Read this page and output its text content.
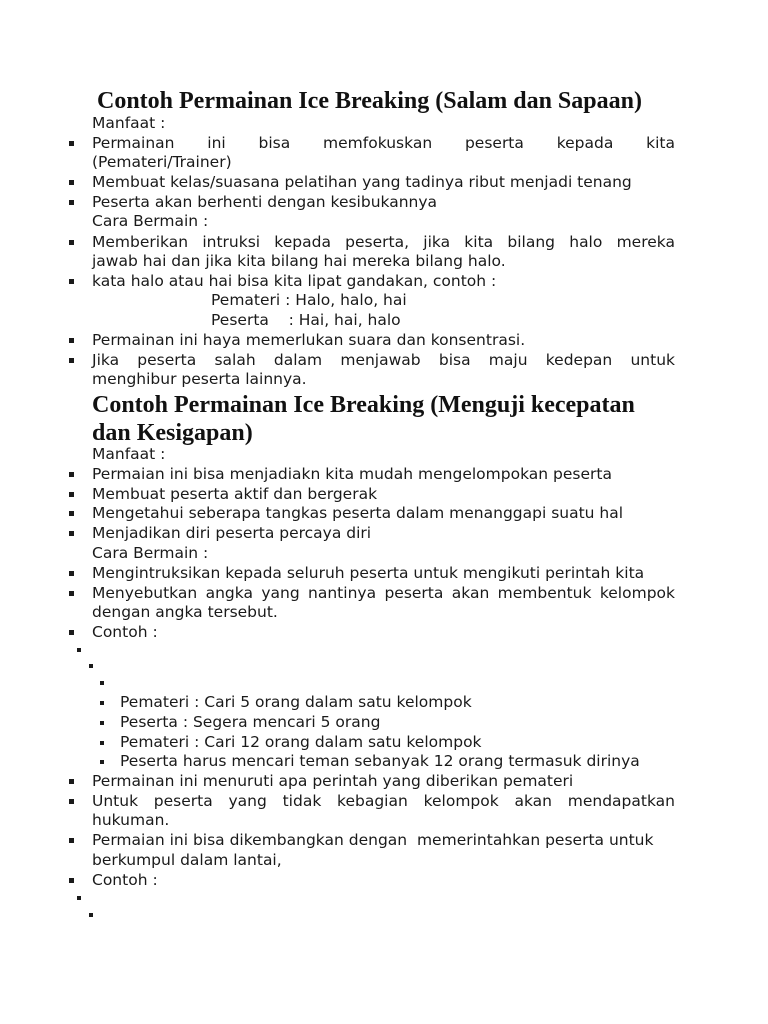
Contoh Permainan Ice Breaking (Salam dan Sapaan)

Manfaat :

Permainan ini bisa memfokuskan peserta kepada kita

(Pemateri/Trainer)

Membuat kelas/suasana pelatihan yang tadinya ribut menjadi tenang

Peserta akan berhenti dengan kesibukannya

Cara Bermain :

Memberikan intruksi kepada peserta, jika kita bilang halo mereka

jawab hai dan jika kita bilang hai mereka bilang halo.

kata halo atau hai bisa kita lipat gandakan, contoh :

Pemateri : Halo, halo, hai

Peserta    : Hai, hai, halo

Permainan ini haya memerlukan suara dan konsentrasi.

Jika peserta salah dalam menjawab bisa maju kedepan untuk

menghibur peserta lainnya.

Contoh Permainan Ice Breaking (Menguji kecepatan
dan Kesigapan)

Manfaat :

Permaian ini bisa menjadiakn kita mudah mengelompokan peserta

Membuat peserta aktif dan bergerak

Mengetahui seberapa tangkas peserta dalam menanggapi suatu hal

Menjadikan diri peserta percaya diri

Cara Bermain :

Mengintruksikan kepada seluruh peserta untuk mengikuti perintah kita

Menyebutkan angka yang nantinya peserta akan membentuk kelompok

dengan angka tersebut.

Contoh :

Pemateri : Cari 5 orang dalam satu kelompok

Peserta : Segera mencari 5 orang

Pemateri : Cari 12 orang dalam satu kelompok

Peserta harus mencari teman sebanyak 12 orang termasuk dirinya

Permainan ini menuruti apa perintah yang diberikan pemateri

Untuk peserta yang tidak kebagian kelompok akan mendapatkan

hukuman.

Permaian ini bisa dikembangkan dengan  memerintahkan peserta untuk

berkumpul dalam lantai,

Contoh :
